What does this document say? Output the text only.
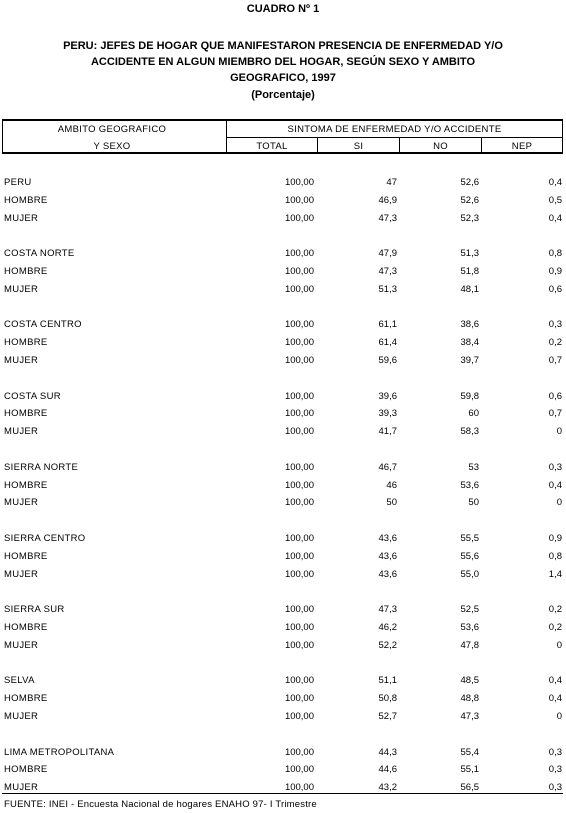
CUADRO Nº 1
PERU: JEFES DE HOGAR QUE MANIFESTARON PRESENCIA DE ENFERMEDAD Y/O
ACCIDENTE EN ALGUN MIEMBRO DEL HOGAR, SEGÚN SEXO Y AMBITO
GEOGRAFICO, 1997
(Porcentaje)
AMBITO GEOGRAFICO
Y SEXO
SINTOMA DE ENFERMEDAD Y/O ACCIDENTE
TOTAL	SI	NO	NEP
PERU	100,00	47	52,6	0,4
HOMBRE	100,00	46,9	52,6	0,5
MUJER	100,00	47,3	52,3	0,4
COSTA NORTE	100,00	47,9	51,3	0,8
HOMBRE	100,00	47,3	51,8	0,9
MUJER	100,00	51,3	48,1	0,6
COSTA CENTRO	100,00	61,1	38,6	0,3
HOMBRE	100,00	61,4	38,4	0,2
MUJER	100,00	59,6	39,7	0,7
COSTA SUR	100,00	39,6	59,8	0,6
HOMBRE	100,00	39,3	60	0,7
MUJER	100,00	41,7	58,3	0
SIERRA NORTE	100,00	46,7	53	0,3
HOMBRE	100,00	46	53,6	0,4
MUJER	100,00	50	50	0
SIERRA CENTRO	100,00	43,6	55,5	0,9
HOMBRE	100,00	43,6	55,6	0,8
MUJER	100,00	43,6	55,0	1,4
SIERRA SUR	100,00	47,3	52,5	0,2
HOMBRE	100,00	46,2	53,6	0,2
MUJER	100,00	52,2	47,8	0
SELVA	100,00	51,1	48,5	0,4
HOMBRE	100,00	50,8	48,8	0,4
MUJER	100,00	52,7	47,3	0
LIMA METROPOLITANA	100,00	44,3	55,4	0,3
HOMBRE	100,00	44,6	55,1	0,3
MUJER	100,00	43,2	56,5	0,3
FUENTE: INEI - Encuesta Nacional de hogares ENAHO 97- I Trimestre
